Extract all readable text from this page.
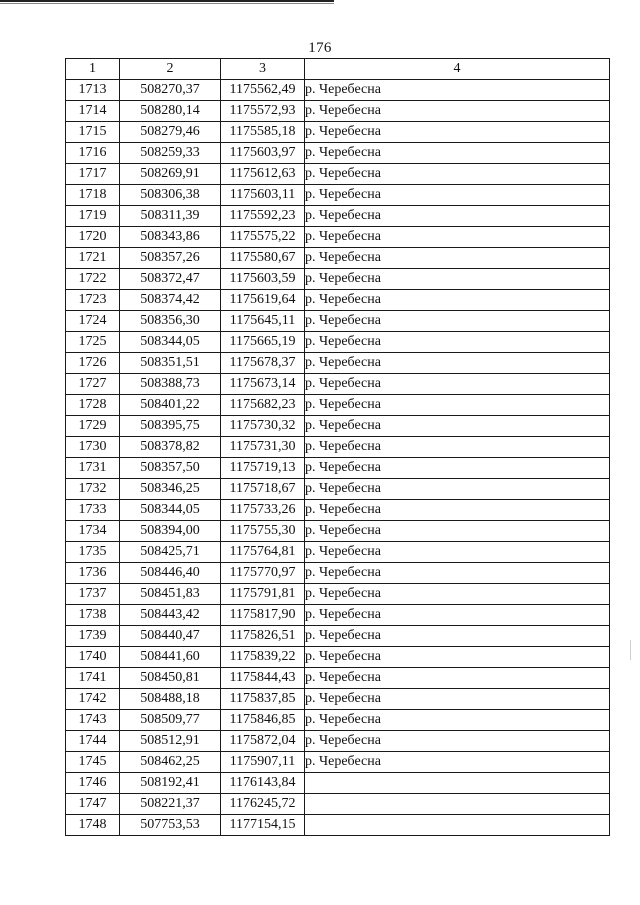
176
1	2	3	4
1713	508270,37	1175562,49	р. Черебесна
1714	508280,14	1175572,93	р. Черебесна
1715	508279,46	1175585,18	р. Черебесна
1716	508259,33	1175603,97	р. Черебесна
1717	508269,91	1175612,63	р. Черебесна
1718	508306,38	1175603,11	р. Черебесна
1719	508311,39	1175592,23	р. Черебесна
1720	508343,86	1175575,22	р. Черебесна
1721	508357,26	1175580,67	р. Черебесна
1722	508372,47	1175603,59	р. Черебесна
1723	508374,42	1175619,64	р. Черебесна
1724	508356,30	1175645,11	р. Черебесна
1725	508344,05	1175665,19	р. Черебесна
1726	508351,51	1175678,37	р. Черебесна
1727	508388,73	1175673,14	р. Черебесна
1728	508401,22	1175682,23	р. Черебесна
1729	508395,75	1175730,32	р. Черебесна
1730	508378,82	1175731,30	р. Черебесна
1731	508357,50	1175719,13	р. Черебесна
1732	508346,25	1175718,67	р. Черебесна
1733	508344,05	1175733,26	р. Черебесна
1734	508394,00	1175755,30	р. Черебесна
1735	508425,71	1175764,81	р. Черебесна
1736	508446,40	1175770,97	р. Черебесна
1737	508451,83	1175791,81	р. Черебесна
1738	508443,42	1175817,90	р. Черебесна
1739	508440,47	1175826,51	р. Черебесна
1740	508441,60	1175839,22	р. Черебесна
1741	508450,81	1175844,43	р. Черебесна
1742	508488,18	1175837,85	р. Черебесна
1743	508509,77	1175846,85	р. Черебесна
1744	508512,91	1175872,04	р. Черебесна
1745	508462,25	1175907,11	р. Черебесна
1746	508192,41	1176143,84	
1747	508221,37	1176245,72	
1748	507753,53	1177154,15	
